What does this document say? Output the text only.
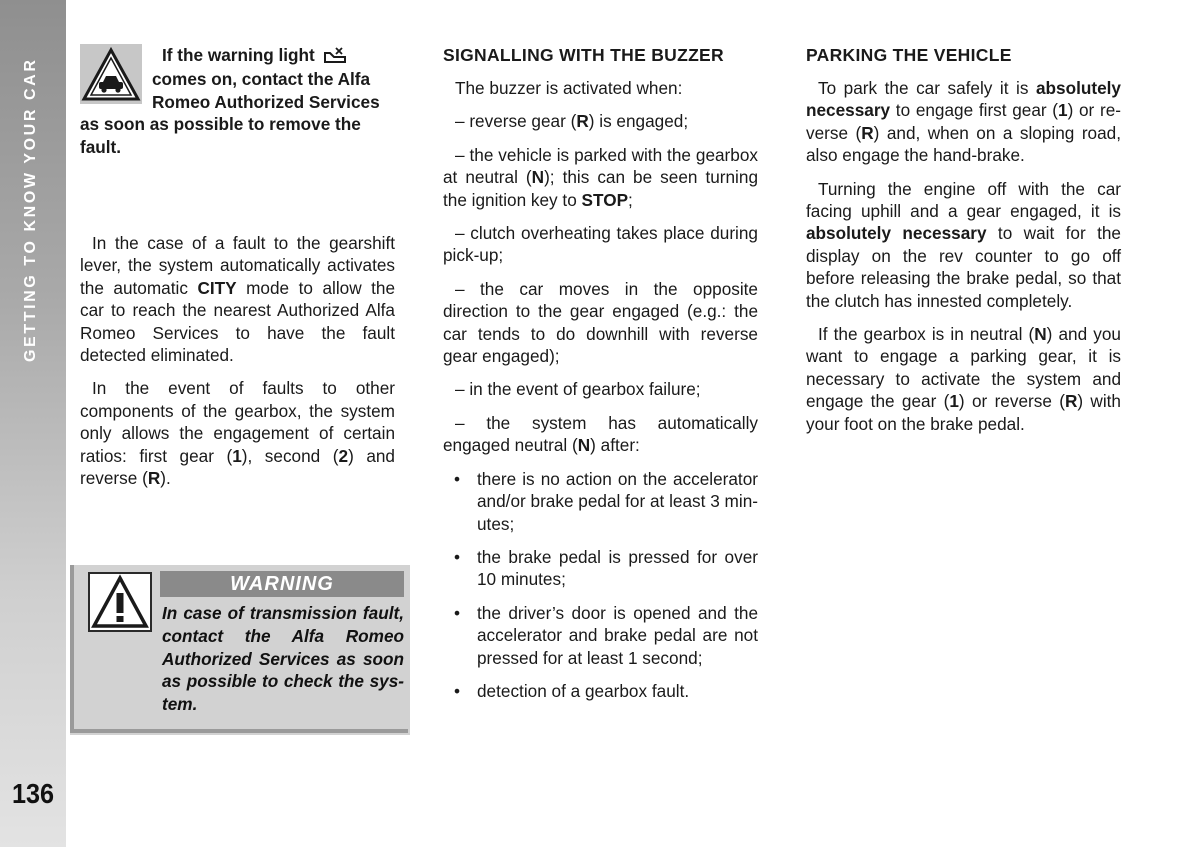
GETTING TO KNOW YOUR CAR
136
If the warning light
comes on, contact the Alfa
Romeo Authorized Services
as soon as possible to remove the fault.

In the case of a fault to the gearshift lever, the system automatically activates the automatic CITY mode to allow the car to reach the nearest Authorized Alfa Romeo Services to have the fault detected eliminated.

In the event of faults to other components of the gearbox, the system only allows the engagement of certain ratios: first gear (1), second (2) and reverse (R).

WARNING
In case of transmission fault, contact the Alfa Romeo Authorized Services as soon as possible to check the system.
SIGNALLING WITH THE BUZZER

The buzzer is activated when:

– reverse gear (R) is engaged;

– the vehicle is parked with the gearbox at neutral (N); this can be seen turning the ignition key to STOP;

– clutch overheating takes place during pick-up;

– the car moves in the opposite direction to the gear engaged (e.g.: the car tends to do downhill with reverse gear engaged);

– in the event of gearbox failure;

– the system has automatically engaged neutral (N) after:

• there is no action on the accelerator and/or brake pedal for at least 3 minutes;
• the brake pedal is pressed for over 10 minutes;
• the driver’s door is opened and the accelerator and brake pedal are not pressed for at least 1 second;
• detection of a gearbox fault.
PARKING THE VEHICLE

To park the car safely it is absolutely necessary to engage first gear (1) or reverse (R) and, when on a sloping road, also engage the hand-brake.

Turning the engine off with the car facing uphill and a gear engaged, it is absolutely necessary to wait for the display on the rev counter to go off before releasing the brake pedal, so that the clutch has innested completely.

If the gearbox is in neutral (N) and you want to engage a parking gear, it is necessary to activate the system and engage the gear (1) or reverse (R) with your foot on the brake pedal.
